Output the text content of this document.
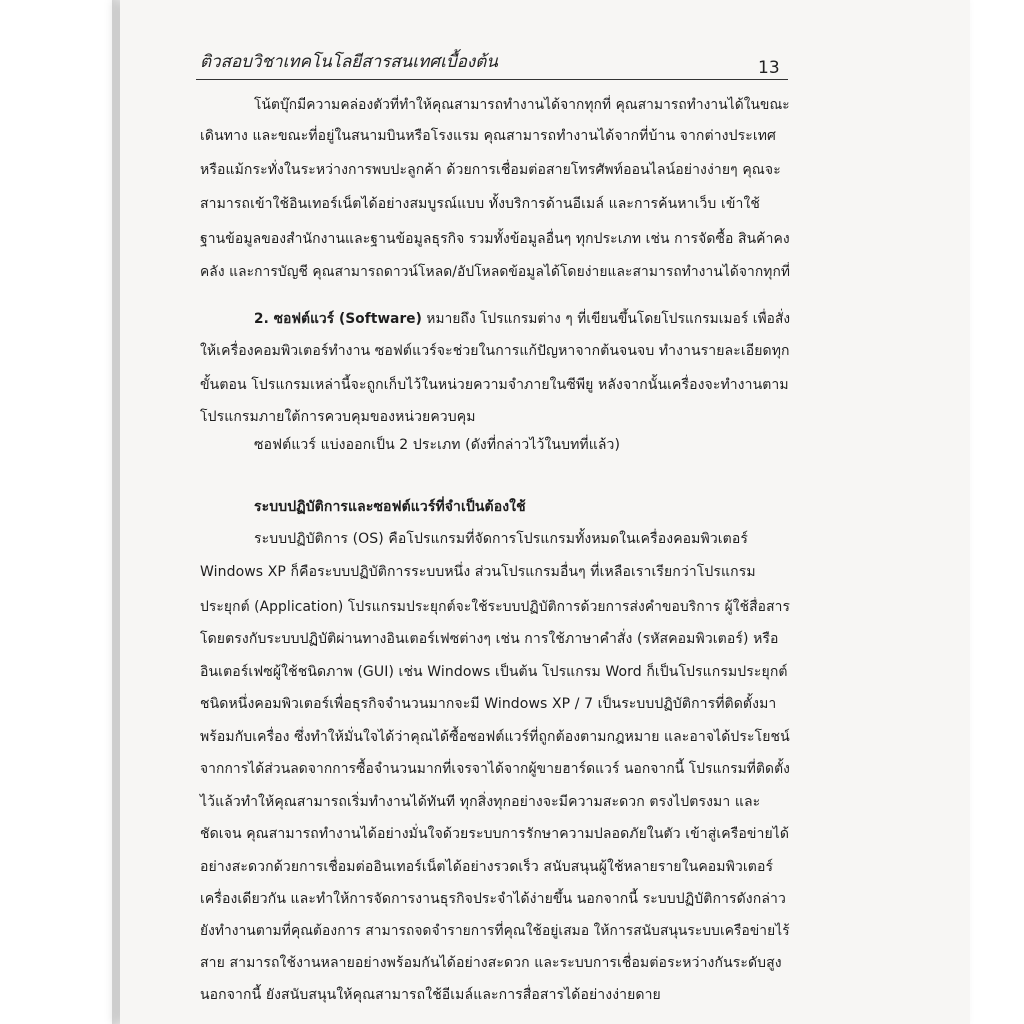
ติวสอบวิชาเทคโนโลยีสารสนเทศเบื้องต้น	13
โน้ตบุ๊กมีความคล่องตัวที่ทำให้คุณสามารถทำงานได้จากทุกที่ คุณสามารถทำงานได้ในขณะ
เดินทาง และขณะที่อยู่ในสนามบินหรือโรงแรม คุณสามารถทำงานได้จากที่บ้าน จากต่างประเทศ
หรือแม้กระทั่งในระหว่างการพบปะลูกค้า ด้วยการเชื่อมต่อสายโทรศัพท์ออนไลน์อย่างง่ายๆ คุณจะ
สามารถเข้าใช้อินเทอร์เน็ตได้อย่างสมบูรณ์แบบ ทั้งบริการด้านอีเมล์ และการค้นหาเว็บ เข้าใช้
ฐานข้อมูลของสำนักงานและฐานข้อมูลธุรกิจ รวมทั้งข้อมูลอื่นๆ ทุกประเภท เช่น การจัดซื้อ สินค้าคง
คลัง และการบัญชี คุณสามารถดาวน์โหลด/อัปโหลดข้อมูลได้โดยง่ายและสามารถทำงานได้จากทุกที่
2. ซอฟต์แวร์ (Software) หมายถึง โปรแกรมต่าง ๆ ที่เขียนขึ้นโดยโปรแกรมเมอร์ เพื่อสั่ง
ให้เครื่องคอมพิวเตอร์ทำงาน ซอฟต์แวร์จะช่วยในการแก้ปัญหาจากต้นจนจบ ทำงานรายละเอียดทุก
ขั้นตอน โปรแกรมเหล่านี้จะถูกเก็บไว้ในหน่วยความจำภายในซีพียู หลังจากนั้นเครื่องจะทำงานตาม
โปรแกรมภายใต้การควบคุมของหน่วยควบคุม
ซอฟต์แวร์ แบ่งออกเป็น 2 ประเภท (ดังที่กล่าวไว้ในบทที่แล้ว)
ระบบปฏิบัติการและซอฟต์แวร์ที่จำเป็นต้องใช้
ระบบปฏิบัติการ (OS) คือโปรแกรมที่จัดการโปรแกรมทั้งหมดในเครื่องคอมพิวเตอร์
Windows XP ก็คือระบบปฏิบัติการระบบหนึ่ง ส่วนโปรแกรมอื่นๆ ที่เหลือเราเรียกว่าโปรแกรม
ประยุกต์ (Application) โปรแกรมประยุกต์จะใช้ระบบปฏิบัติการด้วยการส่งคำขอบริการ ผู้ใช้สื่อสาร
โดยตรงกับระบบปฏิบัติผ่านทางอินเตอร์เฟซต่างๆ เช่น การใช้ภาษาคำสั่ง (รหัสคอมพิวเตอร์) หรือ
อินเตอร์เฟซผู้ใช้ชนิดภาพ (GUI) เช่น Windows เป็นต้น โปรแกรม Word ก็เป็นโปรแกรมประยุกต์
ชนิดหนึ่งคอมพิวเตอร์เพื่อธุรกิจจำนวนมากจะมี Windows XP / 7 เป็นระบบปฏิบัติการที่ติดตั้งมา
พร้อมกับเครื่อง ซึ่งทำให้มั่นใจได้ว่าคุณได้ซื้อซอฟต์แวร์ที่ถูกต้องตามกฎหมาย และอาจได้ประโยชน์
จากการได้ส่วนลดจากการซื้อจำนวนมากที่เจรจาได้จากผู้ขายฮาร์ดแวร์ นอกจากนี้ โปรแกรมที่ติดตั้ง
ไว้แล้วทำให้คุณสามารถเริ่มทำงานได้ทันที ทุกสิ่งทุกอย่างจะมีความสะดวก ตรงไปตรงมา และ
ชัดเจน คุณสามารถทำงานได้อย่างมั่นใจด้วยระบบการรักษาความปลอดภัยในตัว เข้าสู่เครือข่ายได้
อย่างสะดวกด้วยการเชื่อมต่ออินเทอร์เน็ตได้อย่างรวดเร็ว สนับสนุนผู้ใช้หลายรายในคอมพิวเตอร์
เครื่องเดียวกัน และทำให้การจัดการงานธุรกิจประจำได้ง่ายขึ้น นอกจากนี้ ระบบปฏิบัติการดังกล่าว
ยังทำงานตามที่คุณต้องการ สามารถจดจำรายการที่คุณใช้อยู่เสมอ ให้การสนับสนุนระบบเครือข่ายไร้
สาย สามารถใช้งานหลายอย่างพร้อมกันได้อย่างสะดวก และระบบการเชื่อมต่อระหว่างกันระดับสูง
นอกจากนี้ ยังสนับสนุนให้คุณสามารถใช้อีเมล์และการสื่อสารได้อย่างง่ายดาย
